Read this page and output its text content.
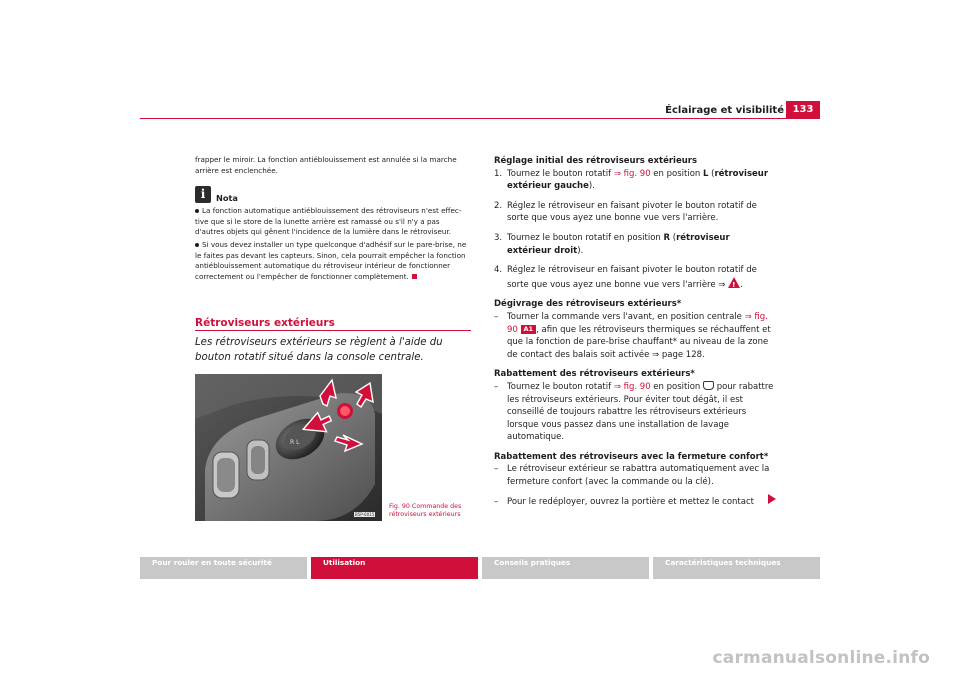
Éclairage et visibilité 133

frapper le miroir. La fonction antiéblouissement est annulée si la marche arrière est enclenchée.

i	Nota

La fonction automatique antiéblouissement des rétroviseurs n'est effec-tive que si le store de la lunette arrière est ramassé ou s'il n'y a pas d'autres objets qui gênent l'incidence de la lumière dans le rétroviseur.

Si vous devez installer un type quelconque d'adhésif sur le pare-brise, ne le faites pas devant les capteurs. Sinon, cela pourrait empêcher la fonction antiéblouissement automatique du rétroviseur intérieur de fonctionner correctement ou l'empêcher de fonctionner complètement.

Rétroviseurs extérieurs
Les rétroviseurs extérieurs se règlent à l'aide du bouton rotatif situé dans la console centrale.
R L
B5P-0015
Fig. 90 Commande des rétroviseurs extérieurs

Réglage initial des rétroviseurs extérieurs

1. Tournez le bouton rotatif ⇒ fig. 90 en position L (rétroviseur extérieur gauche).
2. Réglez le rétroviseur en faisant pivoter le bouton rotatif de sorte que vous ayez une bonne vue vers l'arrière.
3. Tournez le bouton rotatif en position R (rétroviseur extérieur droit).
4. Réglez le rétroviseur en faisant pivoter le bouton rotatif de sorte que vous ayez une bonne vue vers l'arrière ⇒ !.

Dégivrage des rétroviseurs extérieurs*

–	Tourner la commande vers l'avant, en position centrale ⇒ fig. 90 A1 , afin que les rétroviseurs thermiques se réchauffent et que la fonction de pare-brise chauffant* au niveau de la zone de contact des balais soit activée ⇒ page 128.

Rabattement des rétroviseurs extérieurs*

–	Tournez le bouton rotatif ⇒ fig. 90 en position  pour rabattre les rétroviseurs extérieurs. Pour éviter tout dégât, il est conseillé de toujours rabattre les rétroviseurs extérieurs lorsque vous passez dans une installation de lavage automatique.

Rabattement des rétroviseurs avec la fermeture confort*

–	Le rétroviseur extérieur se rabattra automatiquement avec la fermeture confort (avec la commande ou la clé).
–	Pour le redéployer, ouvrez la portière et mettez le contact
Pour rouler en toute sécurité	Utilisation	Conseils pratiques	Caractéristiques techniques
carmanualsonline.info
